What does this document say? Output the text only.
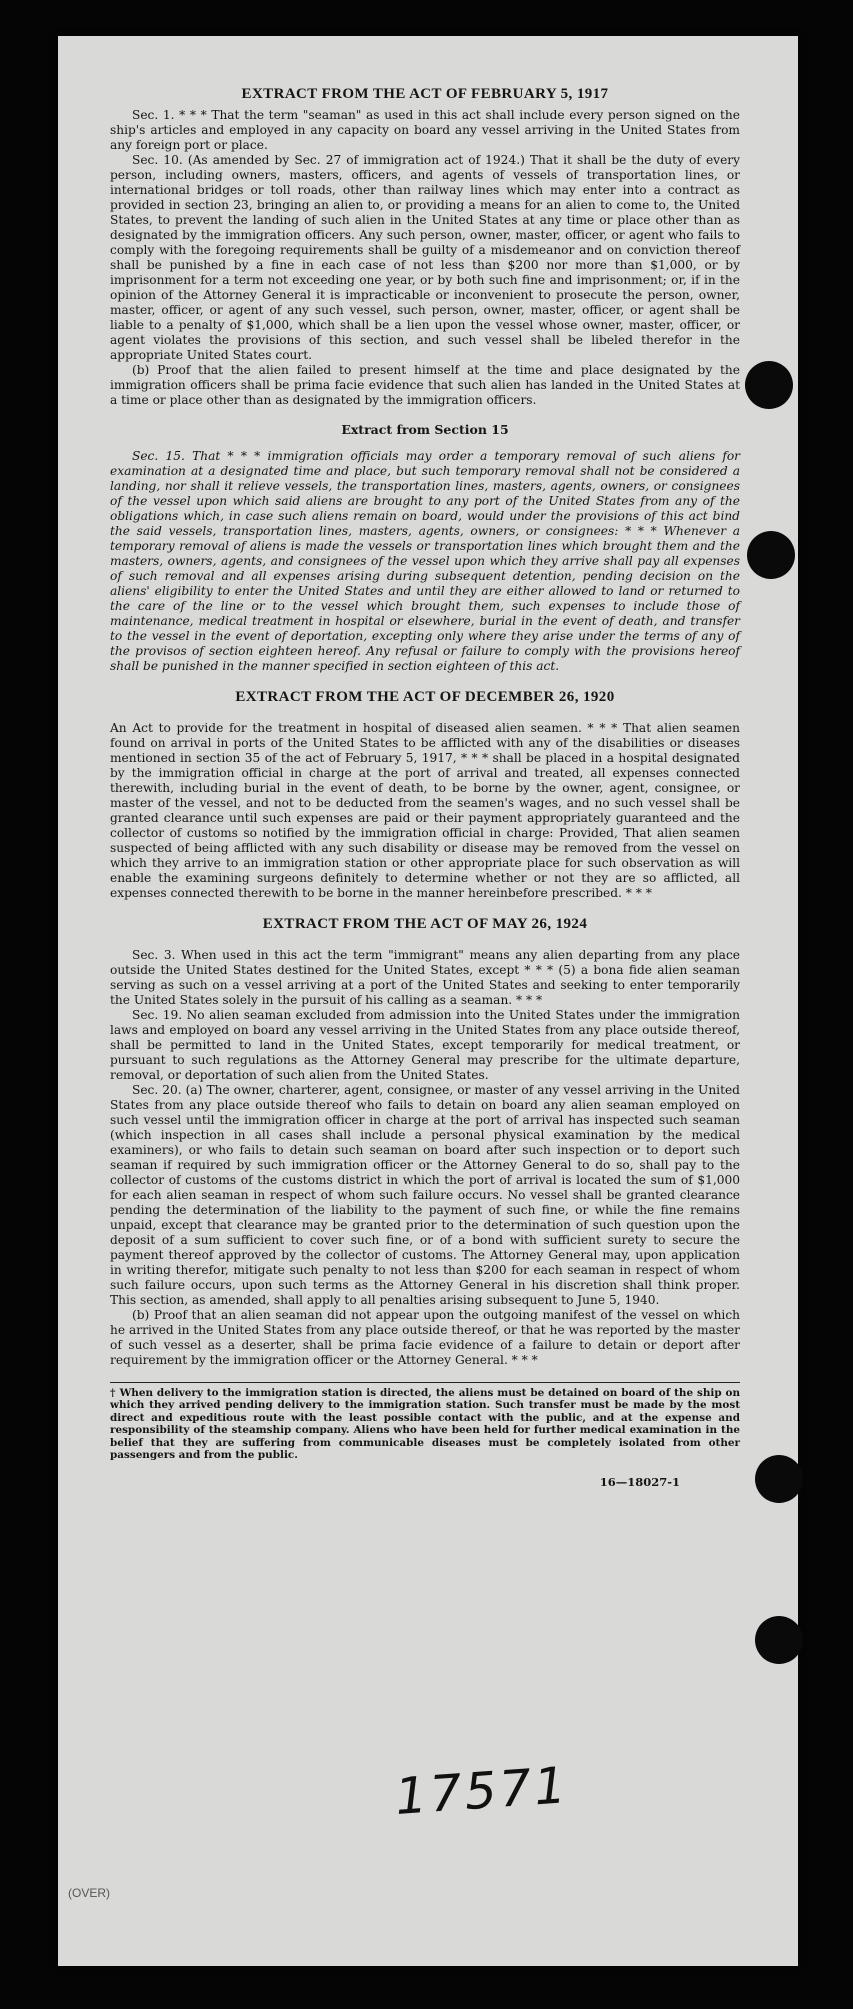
EXTRACT FROM THE ACT OF FEBRUARY 5, 1917

Sec. 1. * * * That the term "seaman" as used in this act shall include every person signed on the ship's articles and employed in any capacity on board any vessel arriving in the United States from any foreign port or place.

Sec. 10. (As amended by Sec. 27 of immigration act of 1924.) That it shall be the duty of every person, including owners, masters, officers, and agents of vessels of transportation lines, or international bridges or toll roads, other than railway lines which may enter into a contract as provided in section 23, bringing an alien to, or providing a means for an alien to come to, the United States, to prevent the landing of such alien in the United States at any time or place other than as designated by the immigration officers. Any such person, owner, master, officer, or agent who fails to comply with the foregoing requirements shall be guilty of a misdemeanor and on conviction thereof shall be punished by a fine in each case of not less than $200 nor more than $1,000, or by imprisonment for a term not exceeding one year, or by both such fine and imprisonment; or, if in the opinion of the Attorney General it is impracticable or inconvenient to prosecute the person, owner, master, officer, or agent of any such vessel, such person, owner, master, officer, or agent shall be liable to a penalty of $1,000, which shall be a lien upon the vessel whose owner, master, officer, or agent violates the provisions of this section, and such vessel shall be libeled therefor in the appropriate United States court.

(b) Proof that the alien failed to present himself at the time and place designated by the immigration officers shall be prima facie evidence that such alien has landed in the United States at a time or place other than as designated by the immigration officers.

Extract from Section 15

Sec. 15. That * * * immigration officials may order a temporary removal of such aliens for examination at a designated time and place, but such temporary removal shall not be considered a landing, nor shall it relieve vessels, the transportation lines, masters, agents, owners, or consignees of the vessel upon which said aliens are brought to any port of the United States from any of the obligations which, in case such aliens remain on board, would under the provisions of this act bind the said vessels, transportation lines, masters, agents, owners, or consignees: * * * Whenever a temporary removal of aliens is made the vessels or transportation lines which brought them and the masters, owners, agents, and consignees of the vessel upon which they arrive shall pay all expenses of such removal and all expenses arising during subsequent detention, pending decision on the aliens' eligibility to enter the United States and until they are either allowed to land or returned to the care of the line or to the vessel which brought them, such expenses to include those of maintenance, medical treatment in hospital or elsewhere, burial in the event of death, and transfer to the vessel in the event of deportation, excepting only where they arise under the terms of any of the provisos of section eighteen hereof. Any refusal or failure to comply with the provisions hereof shall be punished in the manner specified in section eighteen of this act.

EXTRACT FROM THE ACT OF DECEMBER 26, 1920

An Act to provide for the treatment in hospital of diseased alien seamen. * * * That alien seamen found on arrival in ports of the United States to be afflicted with any of the disabilities or diseases mentioned in section 35 of the act of February 5, 1917, * * * shall be placed in a hospital designated by the immigration official in charge at the port of arrival and treated, all expenses connected therewith, including burial in the event of death, to be borne by the owner, agent, consignee, or master of the vessel, and not to be deducted from the seamen's wages, and no such vessel shall be granted clearance until such expenses are paid or their payment appropriately guaranteed and the collector of customs so notified by the immigration official in charge: Provided, That alien seamen suspected of being afflicted with any such disability or disease may be removed from the vessel on which they arrive to an immigration station or other appropriate place for such observation as will enable the examining surgeons definitely to determine whether or not they are so afflicted, all expenses connected therewith to be borne in the manner hereinbefore prescribed. * * *

EXTRACT FROM THE ACT OF MAY 26, 1924

Sec. 3. When used in this act the term "immigrant" means any alien departing from any place outside the United States destined for the United States, except * * * (5) a bona fide alien seaman serving as such on a vessel arriving at a port of the United States and seeking to enter temporarily the United States solely in the pursuit of his calling as a seaman. * * *

Sec. 19. No alien seaman excluded from admission into the United States under the immigration laws and employed on board any vessel arriving in the United States from any place outside thereof, shall be permitted to land in the United States, except temporarily for medical treatment, or pursuant to such regulations as the Attorney General may prescribe for the ultimate departure, removal, or deportation of such alien from the United States.

Sec. 20. (a) The owner, charterer, agent, consignee, or master of any vessel arriving in the United States from any place outside thereof who fails to detain on board any alien seaman employed on such vessel until the immigration officer in charge at the port of arrival has inspected such seaman (which inspection in all cases shall include a personal physical examination by the medical examiners), or who fails to detain such seaman on board after such inspection or to deport such seaman if required by such immigration officer or the Attorney General to do so, shall pay to the collector of customs of the customs district in which the port of arrival is located the sum of $1,000 for each alien seaman in respect of whom such failure occurs. No vessel shall be granted clearance pending the determination of the liability to the payment of such fine, or while the fine remains unpaid, except that clearance may be granted prior to the determination of such question upon the deposit of a sum sufficient to cover such fine, or of a bond with sufficient surety to secure the payment thereof approved by the collector of customs. The Attorney General may, upon application in writing therefor, mitigate such penalty to not less than $200 for each seaman in respect of whom such failure occurs, upon such terms as the Attorney General in his discretion shall think proper. This section, as amended, shall apply to all penalties arising subsequent to June 5, 1940.

(b) Proof that an alien seaman did not appear upon the outgoing manifest of the vessel on which he arrived in the United States from any place outside thereof, or that he was reported by the master of such vessel as a deserter, shall be prima facie evidence of a failure to detain or deport after requirement by the immigration officer or the Attorney General. * * *

† When delivery to the immigration station is directed, the aliens must be detained on board of the ship on which they arrived pending delivery to the immigration station. Such transfer must be made by the most direct and expeditious route with the least possible contact with the public, and at the expense and responsibility of the steamship company. Aliens who have been held for further medical examination in the belief that they are suffering from communicable diseases must be completely isolated from other passengers and from the public.
16—18027-1
17571
(OVER)
